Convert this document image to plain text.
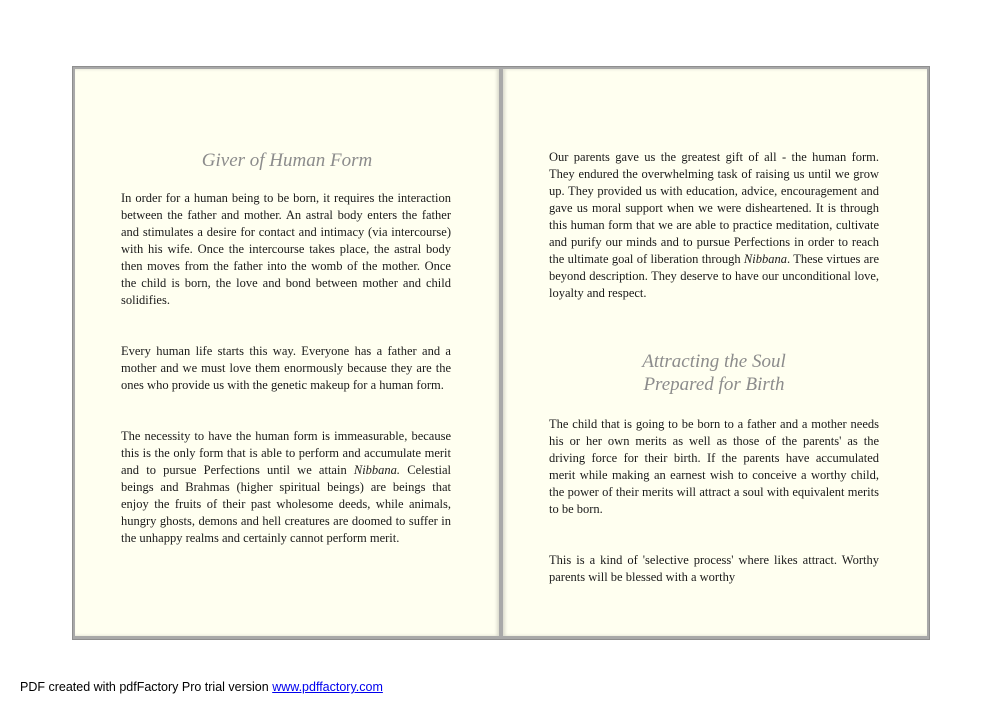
Giver of Human Form

In order for a human being to be born, it requires the interaction between the father and mother. An astral body enters the father and stimulates a desire for contact and intimacy (via intercourse) with his wife. Once the intercourse takes place, the astral body then moves from the father into the womb of the mother. Once the child is born, the love and bond between mother and child solidifies.

Every human life starts this way. Everyone has a father and a mother and we must love them enormously because they are the ones who provide us with the genetic makeup for a human form.

The necessity to have the human form is immeasurable, because this is the only form that is able to perform and accumulate merit and to pursue Perfections until we attain Nibbana. Celestial beings and Brahmas (higher spiritual beings) are beings that enjoy the fruits of their past wholesome deeds, while animals, hungry ghosts, demons and hell creatures are doomed to suffer in the unhappy realms and certainly cannot perform merit.

Our parents gave us the greatest gift of all - the human form. They endured the overwhelming task of raising us until we grow up. They provided us with education, advice, encouragement and gave us moral support when we were disheartened. It is through this human form that we are able to practice meditation, cultivate and purify our minds and to pursue Perfections in order to reach the ultimate goal of liberation through Nibbana. These virtues are beyond description. They deserve to have our unconditional love, loyalty and respect.

Attracting the Soul
Prepared for Birth

The child that is going to be born to a father and a mother needs his or her own merits as well as those of the parents' as the driving force for their birth. If the parents have accumulated merit while making an earnest wish to conceive a worthy child, the power of their merits will attract a soul with equivalent merits to be born.

This is a kind of 'selective process' where likes attract. Worthy parents will be blessed with a worthy

PDF created with pdfFactory Pro trial version www.pdffactory.com
